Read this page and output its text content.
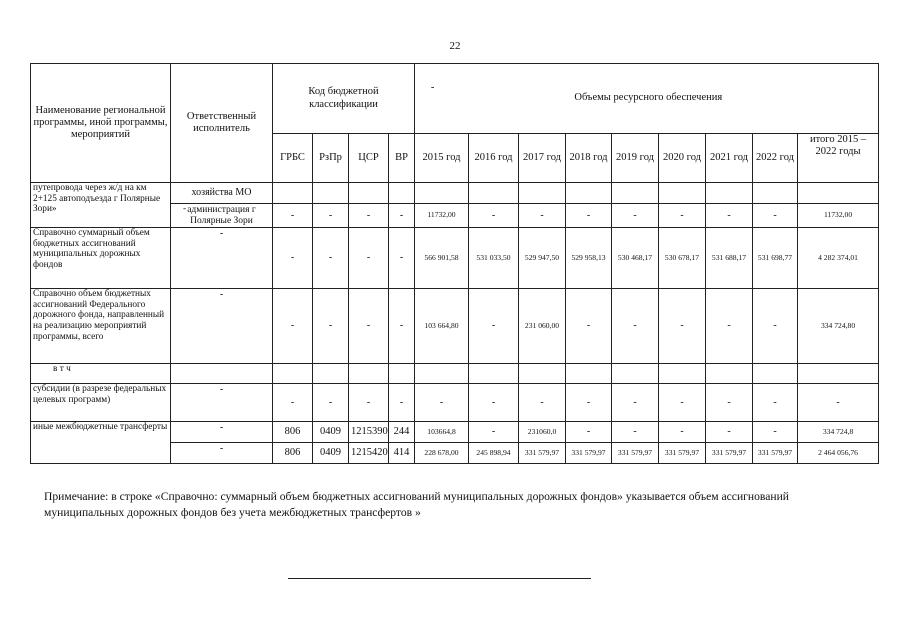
22
Наименование региональной программы, иной программы, мероприятий	Ответственный исполнитель	Код бюджетной классификации				-Объемы ресурсного обеспечения								
		ГРБС	РзПр	ЦСР	ВР	2015 год	2016 год	2017 год	2018 год	2019 год	2020 год	2021 год	2022 год	итого 2015 – 2022 годы
путепровода через ж/д на км 2+125 автоподъезда г Полярные Зори»	хозяйства МО													

	- администрация г Полярные Зори	-	-	-	-	11732,00	-	-	-	-	-	-	-	11732,00
Справочно суммарный объем бюджетных ассигнований муниципальных дорожных фондов	-	-	-	-	-	566 901,58	531 033,50	529 947,50	529 958,13	530 468,17	530 678,17	531 688,17	531 698,77	4 282 374,01
Справочно объем бюджетных ассигнований Федерального дорожного фонда, направленный на реализацию мероприятий программы, всего	-	-	-	-	-	103 664,80	-	231 060,00	-	-	-	-	-	334 724,80
в т ч														
субсидии (в разрезе федеральных целевых программ)	-	-	-	-	-	-	-	-	-	-	-	-	-	-
иные межбюджетные трансферты	-	806	0409	1215390	244	103664,8	-	231060,0	-	-	-	-	-	334 724,8
	-	806	0409	1215420	414	228 678,00	245 898,94	331 579,97	331 579,97	331 579,97	331 579,97	331 579,97	331 579,97	2 464 056,76
Примечание: в строке «Справочно: суммарный объем бюджетных ассигнований муниципальных дорожных фондов» указывается объем ассигнований муниципальных дорожных фондов без учета межбюджетных трансфертов »
